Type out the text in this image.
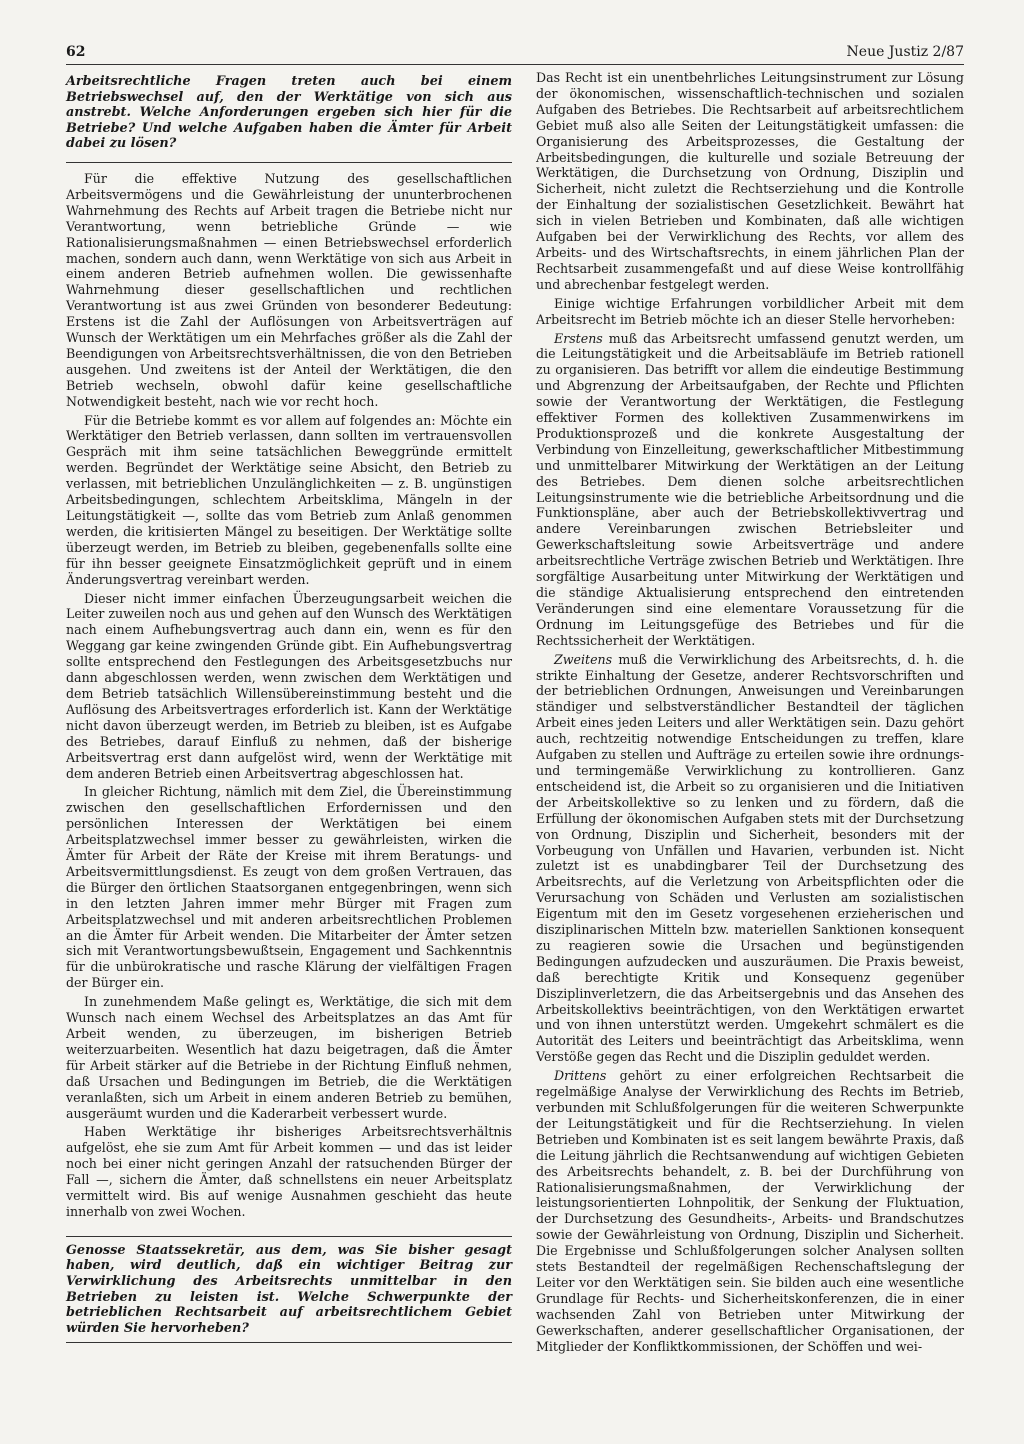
62	Neue Justiz 2/87
Arbeitsrechtliche Fragen treten auch bei einem Betriebswechsel auf, den der Werktätige von sich aus anstrebt. Welche Anforderungen ergeben sich hier für die Betriebe? Und welche Aufgaben haben die Ämter für Arbeit dabei zu lösen?

Für die effektive Nutzung des gesellschaftlichen Arbeitsvermögens und die Gewährleistung der ununterbrochenen Wahrnehmung des Rechts auf Arbeit tragen die Betriebe nicht nur Verantwortung, wenn betriebliche Gründe — wie Rationalisierungsmaßnahmen — einen Betriebswechsel erforderlich machen, sondern auch dann, wenn Werktätige von sich aus Arbeit in einem anderen Betrieb aufnehmen wollen. Die gewissenhafte Wahrnehmung dieser gesellschaftlichen und rechtlichen Verantwortung ist aus zwei Gründen von besonderer Bedeutung: Erstens ist die Zahl der Auflösungen von Arbeitsverträgen auf Wunsch der Werktätigen um ein Mehrfaches größer als die Zahl der Beendigungen von Arbeitsrechtsverhältnissen, die von den Betrieben ausgehen. Und zweitens ist der Anteil der Werktätigen, die den Betrieb wechseln, obwohl dafür keine gesellschaftliche Notwendigkeit besteht, nach wie vor recht hoch.

Für die Betriebe kommt es vor allem auf folgendes an: Möchte ein Werktätiger den Betrieb verlassen, dann sollten im vertrauensvollen Gespräch mit ihm seine tatsächlichen Beweggründe ermittelt werden. Begründet der Werktätige seine Absicht, den Betrieb zu verlassen, mit betrieblichen Unzulänglichkeiten — z. B. ungünstigen Arbeitsbedingungen, schlechtem Arbeitsklima, Mängeln in der Leitungstätigkeit —, sollte das vom Betrieb zum Anlaß genommen werden, die kritisierten Mängel zu beseitigen. Der Werktätige sollte überzeugt werden, im Betrieb zu bleiben, gegebenenfalls sollte eine für ihn besser geeignete Einsatzmöglichkeit geprüft und in einem Änderungsvertrag vereinbart werden.

Dieser nicht immer einfachen Überzeugungsarbeit weichen die Leiter zuweilen noch aus und gehen auf den Wunsch des Werktätigen nach einem Aufhebungsvertrag auch dann ein, wenn es für den Weggang gar keine zwingenden Gründe gibt. Ein Aufhebungsvertrag sollte entsprechend den Festlegungen des Arbeitsgesetzbuchs nur dann abgeschlossen werden, wenn zwischen dem Werktätigen und dem Betrieb tatsächlich Willensübereinstimmung besteht und die Auflösung des Arbeitsvertrages erforderlich ist. Kann der Werktätige nicht davon überzeugt werden, im Betrieb zu bleiben, ist es Aufgabe des Betriebes, darauf Einfluß zu nehmen, daß der bisherige Arbeitsvertrag erst dann aufgelöst wird, wenn der Werktätige mit dem anderen Betrieb einen Arbeitsvertrag abgeschlossen hat.

In gleicher Richtung, nämlich mit dem Ziel, die Übereinstimmung zwischen den gesellschaftlichen Erfordernissen und den persönlichen Interessen der Werktätigen bei einem Arbeitsplatzwechsel immer besser zu gewährleisten, wirken die Ämter für Arbeit der Räte der Kreise mit ihrem Beratungs- und Arbeitsvermittlungsdienst. Es zeugt von dem großen Vertrauen, das die Bürger den örtlichen Staatsorganen entgegenbringen, wenn sich in den letzten Jahren immer mehr Bürger mit Fragen zum Arbeitsplatzwechsel und mit anderen arbeitsrechtlichen Problemen an die Ämter für Arbeit wenden. Die Mitarbeiter der Ämter setzen sich mit Verantwortungsbewußtsein, Engagement und Sachkenntnis für die unbürokratische und rasche Klärung der vielfältigen Fragen der Bürger ein.

In zunehmendem Maße gelingt es, Werktätige, die sich mit dem Wunsch nach einem Wechsel des Arbeitsplatzes an das Amt für Arbeit wenden, zu überzeugen, im bisherigen Betrieb weiterzuarbeiten. Wesentlich hat dazu beigetragen, daß die Ämter für Arbeit stärker auf die Betriebe in der Richtung Einfluß nehmen, daß Ursachen und Bedingungen im Betrieb, die die Werktätigen veranlaßten, sich um Arbeit in einem anderen Betrieb zu bemühen, ausgeräumt wurden und die Kaderarbeit verbessert wurde.

Haben Werktätige ihr bisheriges Arbeitsrechtsverhältnis aufgelöst, ehe sie zum Amt für Arbeit kommen — und das ist leider noch bei einer nicht geringen Anzahl der ratsuchenden Bürger der Fall —, sichern die Ämter, daß schnellstens ein neuer Arbeitsplatz vermittelt wird. Bis auf wenige Ausnahmen geschieht das heute innerhalb von zwei Wochen.

Genosse Staatssekretär, aus dem, was Sie bisher gesagt haben, wird deutlich, daß ein wichtiger Beitrag zur Verwirklichung des Arbeitsrechts unmittelbar in den Betrieben zu leisten ist. Welche Schwerpunkte der betrieblichen Rechtsarbeit auf arbeitsrechtlichem Gebiet würden Sie hervorheben?

Das Recht ist ein unentbehrliches Leitungsinstrument zur Lösung der ökonomischen, wissenschaftlich-technischen und sozialen Aufgaben des Betriebes. Die Rechtsarbeit auf arbeitsrechtlichem Gebiet muß also alle Seiten der Leitungstätigkeit umfassen: die Organisierung des Arbeitsprozesses, die Gestaltung der Arbeitsbedingungen, die kulturelle und soziale Betreuung der Werktätigen, die Durchsetzung von Ordnung, Disziplin und Sicherheit, nicht zuletzt die Rechtserziehung und die Kontrolle der Einhaltung der sozialistischen Gesetzlichkeit. Bewährt hat sich in vielen Betrieben und Kombinaten, daß alle wichtigen Aufgaben bei der Verwirklichung des Rechts, vor allem des Arbeits- und des Wirtschaftsrechts, in einem jährlichen Plan der Rechtsarbeit zusammengefaßt und auf diese Weise kontrollfähig und abrechenbar festgelegt werden.

Einige wichtige Erfahrungen vorbildlicher Arbeit mit dem Arbeitsrecht im Betrieb möchte ich an dieser Stelle hervorheben:

Erstens muß das Arbeitsrecht umfassend genutzt werden, um die Leitungstätigkeit und die Arbeitsabläufe im Betrieb rationell zu organisieren. Das betrifft vor allem die eindeutige Bestimmung und Abgrenzung der Arbeitsaufgaben, der Rechte und Pflichten sowie der Verantwortung der Werktätigen, die Festlegung effektiver Formen des kollektiven Zusammenwirkens im Produktionsprozeß und die konkrete Ausgestaltung der Verbindung von Einzelleitung, gewerkschaftlicher Mitbestimmung und unmittelbarer Mitwirkung der Werktätigen an der Leitung des Betriebes. Dem dienen solche arbeitsrechtlichen Leitungsinstrumente wie die betriebliche Arbeitsordnung und die Funktionspläne, aber auch der Betriebskollektivvertrag und andere Vereinbarungen zwischen Betriebsleiter und Gewerkschaftsleitung sowie Arbeitsverträge und andere arbeitsrechtliche Verträge zwischen Betrieb und Werktätigen. Ihre sorgfältige Ausarbeitung unter Mitwirkung der Werktätigen und die ständige Aktualisierung entsprechend den eintretenden Veränderungen sind eine elementare Voraussetzung für die Ordnung im Leitungsgefüge des Betriebes und für die Rechtssicherheit der Werktätigen.

Zweitens muß die Verwirklichung des Arbeitsrechts, d. h. die strikte Einhaltung der Gesetze, anderer Rechtsvorschriften und der betrieblichen Ordnungen, Anweisungen und Vereinbarungen ständiger und selbstverständlicher Bestandteil der täglichen Arbeit eines jeden Leiters und aller Werktätigen sein. Dazu gehört auch, rechtzeitig notwendige Entscheidungen zu treffen, klare Aufgaben zu stellen und Aufträge zu erteilen sowie ihre ordnungs- und termingemäße Verwirklichung zu kontrollieren. Ganz entscheidend ist, die Arbeit so zu organisieren und die Initiativen der Arbeitskollektive so zu lenken und zu fördern, daß die Erfüllung der ökonomischen Aufgaben stets mit der Durchsetzung von Ordnung, Disziplin und Sicherheit, besonders mit der Vorbeugung von Unfällen und Havarien, verbunden ist. Nicht zuletzt ist es unabdingbarer Teil der Durchsetzung des Arbeitsrechts, auf die Verletzung von Arbeitspflichten oder die Verursachung von Schäden und Verlusten am sozialistischen Eigentum mit den im Gesetz vorgesehenen erzieherischen und disziplinarischen Mitteln bzw. materiellen Sanktionen konsequent zu reagieren sowie die Ursachen und begünstigenden Bedingungen aufzudecken und auszuräumen. Die Praxis beweist, daß berechtigte Kritik und Konsequenz gegenüber Disziplinverletzern, die das Arbeitsergebnis und das Ansehen des Arbeitskollektivs beeinträchtigen, von den Werktätigen erwartet und von ihnen unterstützt werden. Umgekehrt schmälert es die Autorität des Leiters und beeinträchtigt das Arbeitsklima, wenn Verstöße gegen das Recht und die Disziplin geduldet werden.

Drittens gehört zu einer erfolgreichen Rechtsarbeit die regelmäßige Analyse der Verwirklichung des Rechts im Betrieb, verbunden mit Schlußfolgerungen für die weiteren Schwerpunkte der Leitungstätigkeit und für die Rechtserziehung. In vielen Betrieben und Kombinaten ist es seit langem bewährte Praxis, daß die Leitung jährlich die Rechtsanwendung auf wichtigen Gebieten des Arbeitsrechts behandelt, z. B. bei der Durchführung von Rationalisierungsmaßnahmen, der Verwirklichung der leistungsorientierten Lohnpolitik, der Senkung der Fluktuation, der Durchsetzung des Gesundheits-, Arbeits- und Brandschutzes sowie der Gewährleistung von Ordnung, Disziplin und Sicherheit. Die Ergebnisse und Schlußfolgerungen solcher Analysen sollten stets Bestandteil der regelmäßigen Rechenschaftslegung der Leiter vor den Werktätigen sein. Sie bilden auch eine wesentliche Grundlage für Rechts- und Sicherheitskonferenzen, die in einer wachsenden Zahl von Betrieben unter Mitwirkung der Gewerkschaften, anderer gesellschaftlicher Organisationen, der Mitglieder der Konfliktkommissionen, der Schöffen und wei-
